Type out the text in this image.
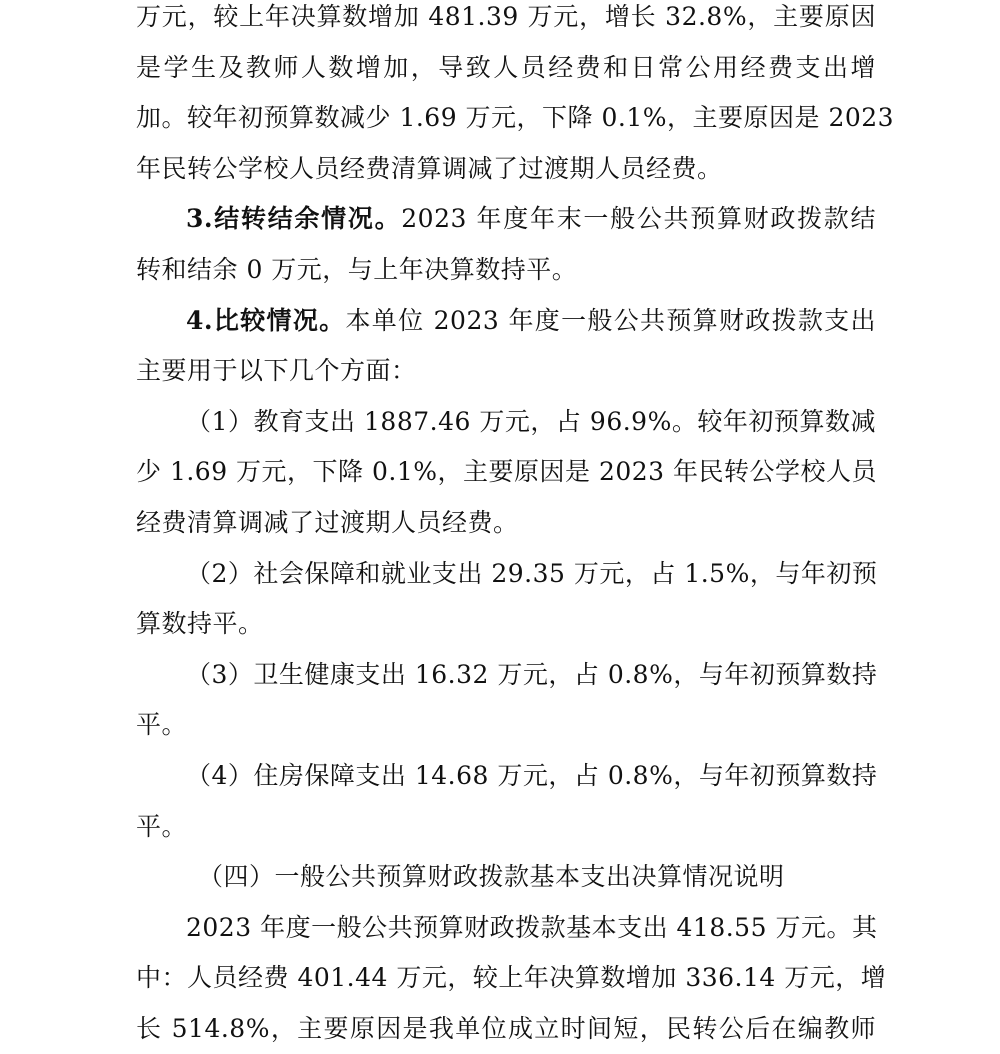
万元，较上年决算数增加 481.39 万元，增长 32.8%，主要原因
是学生及教师人数增加，导致人员经费和日常公用经费支出增
加。较年初预算数减少 1.69 万元，下降 0.1%，主要原因是 2023
年民转公学校人员经费清算调减了过渡期人员经费。
3.结转结余情况。2023 年度年末一般公共预算财政拨款结
转和结余 0 万元，与上年决算数持平。
4.比较情况。本单位 2023 年度一般公共预算财政拨款支出
主要用于以下几个方面：
（1）教育支出 1887.46 万元，占 96.9%。较年初预算数减
少 1.69 万元，下降 0.1%，主要原因是 2023 年民转公学校人员
经费清算调减了过渡期人员经费。
（2）社会保障和就业支出 29.35 万元，占 1.5%，与年初预
算数持平。
（3）卫生健康支出 16.32 万元，占 0.8%，与年初预算数持
平。
（4）住房保障支出 14.68 万元，占 0.8%，与年初预算数持
平。
（四）一般公共预算财政拨款基本支出决算情况说明
2023 年度一般公共预算财政拨款基本支出 418.55 万元。其
中：人员经费 401.44 万元，较上年决算数增加 336.14 万元，增
长 514.8%，主要原因是我单位成立时间短，民转公后在编教师
